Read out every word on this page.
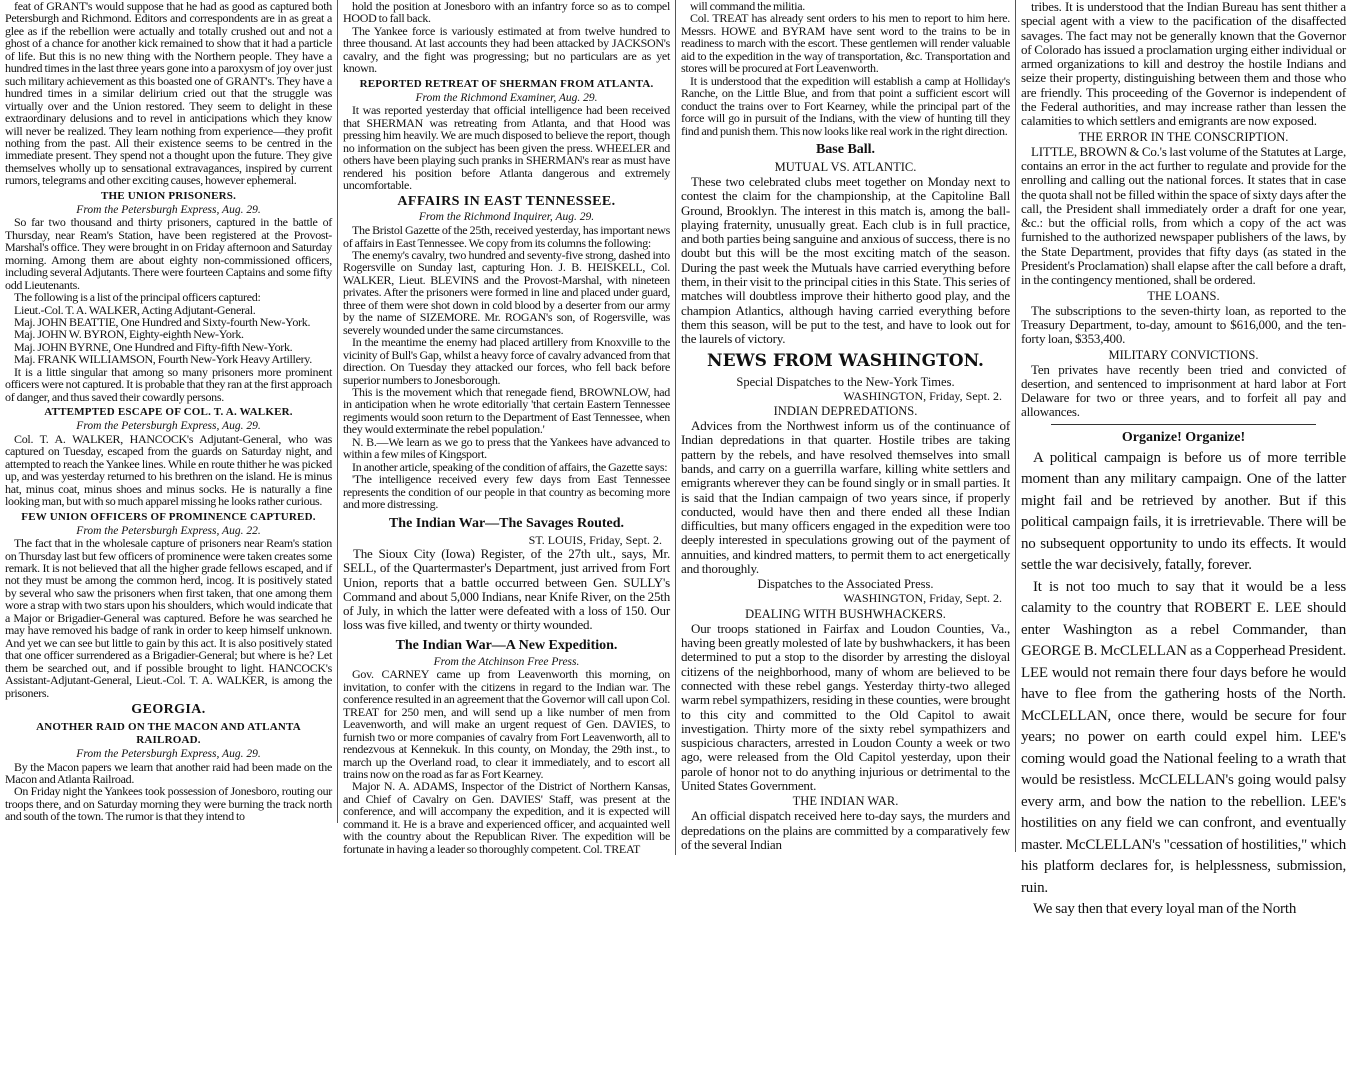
feat of GRANT's would suppose that he had as good as captured both Petersburgh and Richmond. Editors and correspondents are in as great a glee as if the rebellion were actually and totally crushed out and not a ghost of a chance for another kick remained to show that it had a particle of life. But this is no new thing with the Northern people. They have a hundred times in the last three years gone into a paroxysm of joy over just such military achievement as this boasted one of GRANT's. They have a hundred times in a similar delirium cried out that the struggle was virtually over and the Union restored. They seem to delight in these extraordinary delusions and to revel in anticipations which they know will never be realized. They learn nothing from experience—they profit nothing from the past. All their existence seems to be centred in the immediate present. They spend not a thought upon the future. They give themselves wholly up to sensational extravagances, inspired by current rumors, telegrams and other exciting causes, however ephemeral.

THE UNION PRISONERS.
From the Petersburgh Express, Aug. 29.

So far two thousand and thirty prisoners, captured in the battle of Thursday, near Ream's Station, have been registered at the Provost-Marshal's office. They were brought in on Friday afternoon and Saturday morning. Among them are about eighty non-commissioned officers, including several Adjutants. There were fourteen Captains and some fifty odd Lieutenants.

The following is a list of the principal officers captured:

Lieut.-Col. T. A. WALKER, Acting Adjutant-General.

Maj. JOHN BEATTIE, One Hundred and Sixty-fourth New-York.

Maj. JOHN W. BYRON, Eighty-eighth New-York.

Maj. JOHN BYRNE, One Hundred and Fifty-fifth New-York.

Maj. FRANK WILLIAMSON, Fourth New-York Heavy Artillery.

It is a little singular that among so many prisoners more prominent officers were not captured. It is probable that they ran at the first approach of danger, and thus saved their cowardly persons.

ATTEMPTED ESCAPE OF COL. T. A. WALKER.
From the Petersburgh Express, Aug. 29.

Col. T. A. WALKER, HANCOCK's Adjutant-General, who was captured on Tuesday, escaped from the guards on Saturday night, and attempted to reach the Yankee lines. While en route thither he was picked up, and was yesterday returned to his brethren on the island. He is minus hat, minus coat, minus shoes and minus socks. He is naturally a fine looking man, but with so much apparel missing he looks rather curious.

FEW UNION OFFICERS OF PROMINENCE CAPTURED.
From the Petersburgh Express, Aug. 22.

The fact that in the wholesale capture of prisoners near Ream's station on Thursday last but few officers of prominence were taken creates some remark. It is not believed that all the higher grade fellows escaped, and if not they must be among the common herd, incog. It is positively stated by several who saw the prisoners when first taken, that one among them wore a strap with two stars upon his shoulders, which would indicate that a Major or Brigadier-General was captured. Before he was searched he may have removed his badge of rank in order to keep himself unknown. And yet we can see but little to gain by this act. It is also positively stated that one officer surrendered as a Brigadier-General; but where is he? Let them be searched out, and if possible brought to light. HANCOCK's Assistant-Adjutant-General, Lieut.-Col. T. A. WALKER, is among the prisoners.

GEORGIA.
ANOTHER RAID ON THE MACON AND ATLANTA RAILROAD.
From the Petersburgh Express, Aug. 29.

By the Macon papers we learn that another raid had been made on the Macon and Atlanta Railroad.

On Friday night the Yankees took possession of Jonesboro, routing our troops there, and on Saturday morning they were burning the track north and south of the town. The rumor is that they intend to

hold the position at Jonesboro with an infantry force so as to compel HOOD to fall back.

The Yankee force is variously estimated at from twelve hundred to three thousand. At last accounts they had been attacked by JACKSON's cavalry, and the fight was progressing; but no particulars are as yet known.

REPORTED RETREAT OF SHERMAN FROM ATLANTA.
From the Richmond Examiner, Aug. 29.

It was reported yesterday that official intelligence had been received that SHERMAN was retreating from Atlanta, and that Hood was pressing him heavily. We are much disposed to believe the report, though no information on the subject has been given the press. WHEELER and others have been playing such pranks in SHERMAN's rear as must have rendered his position before Atlanta dangerous and extremely uncomfortable.

AFFAIRS IN EAST TENNESSEE.
From the Richmond Inquirer, Aug. 29.

The Bristol Gazette of the 25th, received yesterday, has important news of affairs in East Tennessee. We copy from its columns the following:

The enemy's cavalry, two hundred and seventy-five strong, dashed into Rogersville on Sunday last, capturing Hon. J. B. HEISKELL, Col. WALKER, Lieut. BLEVINS and the Provost-Marshal, with nineteen privates. After the prisoners were formed in line and placed under guard, three of them were shot down in cold blood by a deserter from our army by the name of SIZEMORE. Mr. ROGAN's son, of Rogersville, was severely wounded under the same circumstances.

In the meantime the enemy had placed artillery from Knoxville to the vicinity of Bull's Gap, whilst a heavy force of cavalry advanced from that direction. On Tuesday they attacked our forces, who fell back before superior numbers to Jonesborough.

This is the movement which that renegade fiend, BROWNLOW, had in anticipation when he wrote editorially 'that certain Eastern Tennessee regiments would soon return to the Department of East Tennessee, when they would exterminate the rebel population.'

N. B.—We learn as we go to press that the Yankees have advanced to within a few miles of Kingsport.

In another article, speaking of the condition of affairs, the Gazette says:

'The intelligence received every few days from East Tennessee represents the condition of our people in that country as becoming more and more distressing.

The Indian War—The Savages Routed.
ST. LOUIS, Friday, Sept. 2.

The Sioux City (Iowa) Register, of the 27th ult., says, Mr. SELL, of the Quartermaster's Department, just arrived from Fort Union, reports that a battle occurred between Gen. SULLY's Command and about 5,000 Indians, near Knife River, on the 25th of July, in which the latter were defeated with a loss of 150. Our loss was five killed, and twenty or thirty wounded.

The Indian War—A New Expedition.
From the Atchinson Free Press.

Gov. CARNEY came up from Leavenworth this morning, on invitation, to confer with the citizens in regard to the Indian war. The conference resulted in an agreement that the Governor will call upon Col. TREAT for 250 men, and will send up a like number of men from Leavenworth, and will make an urgent request of Gen. DAVIES, to furnish two or more companies of cavalry from Fort Leavenworth, all to rendezvous at Kennekuk. In this county, on Monday, the 29th inst., to march up the Overland road, to clear it immediately, and to escort all trains now on the road as far as Fort Kearney.

Major N. A. ADAMS, Inspector of the District of Northern Kansas, and Chief of Cavalry on Gen. DAVIES' Staff, was present at the conference, and will accompany the expedition, and it is expected will command it. He is a brave and experienced officer, and acquainted well with the country about the Republican River. The expedition will be fortunate in having a leader so thoroughly competent. Col. TREAT

will command the militia.

Col. TREAT has already sent orders to his men to report to him here. Messrs. HOWE and BYRAM have sent word to the trains to be in readiness to march with the escort. These gentlemen will render valuable aid to the expedition in the way of transportation, &c. Transportation and stores will be procured at Fort Leavenworth.

It is understood that the expedition will establish a camp at Holliday's Ranche, on the Little Blue, and from that point a sufficient escort will conduct the trains over to Fort Kearney, while the principal part of the force will go in pursuit of the Indians, with the view of hunting till they find and punish them. This now looks like real work in the right direction.

Base Ball.
MUTUAL VS. ATLANTIC.

These two celebrated clubs meet together on Monday next to contest the claim for the championship, at the Capitoline Ball Ground, Brooklyn. The interest in this match is, among the ball-playing fraternity, unusually great. Each club is in full practice, and both parties being sanguine and anxious of success, there is no doubt but this will be the most exciting match of the season. During the past week the Mutuals have carried everything before them, in their visit to the principal cities in this State. This series of matches will doubtless improve their hitherto good play, and the champion Atlantics, although having carried everything before them this season, will be put to the test, and have to look out for the laurels of victory.

NEWS FROM WASHINGTON.
Special Dispatches to the New-York Times.
WASHINGTON, Friday, Sept. 2.
INDIAN DEPREDATIONS.

Advices from the Northwest inform us of the continuance of Indian depredations in that quarter. Hostile tribes are taking pattern by the rebels, and have resolved themselves into small bands, and carry on a guerrilla warfare, killing white settlers and emigrants wherever they can be found singly or in small parties. It is said that the Indian campaign of two years since, if properly conducted, would have then and there ended all these Indian difficulties, but many officers engaged in the expedition were too deeply interested in speculations growing out of the payment of annuities, and kindred matters, to permit them to act energetically and thoroughly.

Dispatches to the Associated Press.
WASHINGTON, Friday, Sept. 2.
DEALING WITH BUSHWHACKERS.

Our troops stationed in Fairfax and Loudon Counties, Va., having been greatly molested of late by bushwhackers, it has been determined to put a stop to the disorder by arresting the disloyal citizens of the neighborhood, many of whom are believed to be connected with these rebel gangs. Yesterday thirty-two alleged warm rebel sympathizers, residing in these counties, were brought to this city and committed to the Old Capitol to await investigation. Thirty more of the sixty rebel sympathizers and suspicious characters, arrested in Loudon County a week or two ago, were released from the Old Capitol yesterday, upon their parole of honor not to do anything injurious or detrimental to the United States Government.

THE INDIAN WAR.

An official dispatch received here to-day says, the murders and depredations on the plains are committed by a comparatively few of the several Indian

tribes. It is understood that the Indian Bureau has sent thither a special agent with a view to the pacification of the disaffected savages. The fact may not be generally known that the Governor of Colorado has issued a proclamation urging either individual or armed organizations to kill and destroy the hostile Indians and seize their property, distinguishing between them and those who are friendly. This proceeding of the Governor is independent of the Federal authorities, and may increase rather than lessen the calamities to which settlers and emigrants are now exposed.

THE ERROR IN THE CONSCRIPTION.

LITTLE, BROWN & Co.'s last volume of the Statutes at Large, contains an error in the act further to regulate and provide for the enrolling and calling out the national forces. It states that in case the quota shall not be filled within the space of sixty days after the call, the President shall immediately order a draft for one year, &c.: but the official rolls, from which a copy of the act was furnished to the authorized newspaper publishers of the laws, by the State Department, provides that fifty days (as stated in the President's Proclamation) shall elapse after the call before a draft, in the contingency mentioned, shall be ordered.

THE LOANS.

The subscriptions to the seven-thirty loan, as reported to the Treasury Department, to-day, amount to $616,000, and the ten-forty loan, $353,400.

MILITARY CONVICTIONS.

Ten privates have recently been tried and convicted of desertion, and sentenced to imprisonment at hard labor at Fort Delaware for two or three years, and to forfeit all pay and allowances.

Organize! Organize!

A political campaign is before us of more terrible moment than any military campaign. One of the latter might fail and be retrieved by another. But if this political campaign fails, it is irretrievable. There will be no subsequent opportunity to undo its effects. It would settle the war decisively, fatally, forever.

It is not too much to say that it would be a less calamity to the country that ROBERT E. LEE should enter Washington as a rebel Commander, than GEORGE B. McCLELLAN as a Copperhead President. LEE would not remain there four days before he would have to flee from the gathering hosts of the North. McCLELLAN, once there, would be secure for four years; no power on earth could expel him. LEE's coming would goad the National feeling to a wrath that would be resistless. McCLELLAN's going would palsy every arm, and bow the nation to the rebellion. LEE's hostilities on any field we can confront, and eventually master. McCLELLAN's "cessation of hostilities," which his platform declares for, is helplessness, submission, ruin.

We say then that every loyal man of the North
